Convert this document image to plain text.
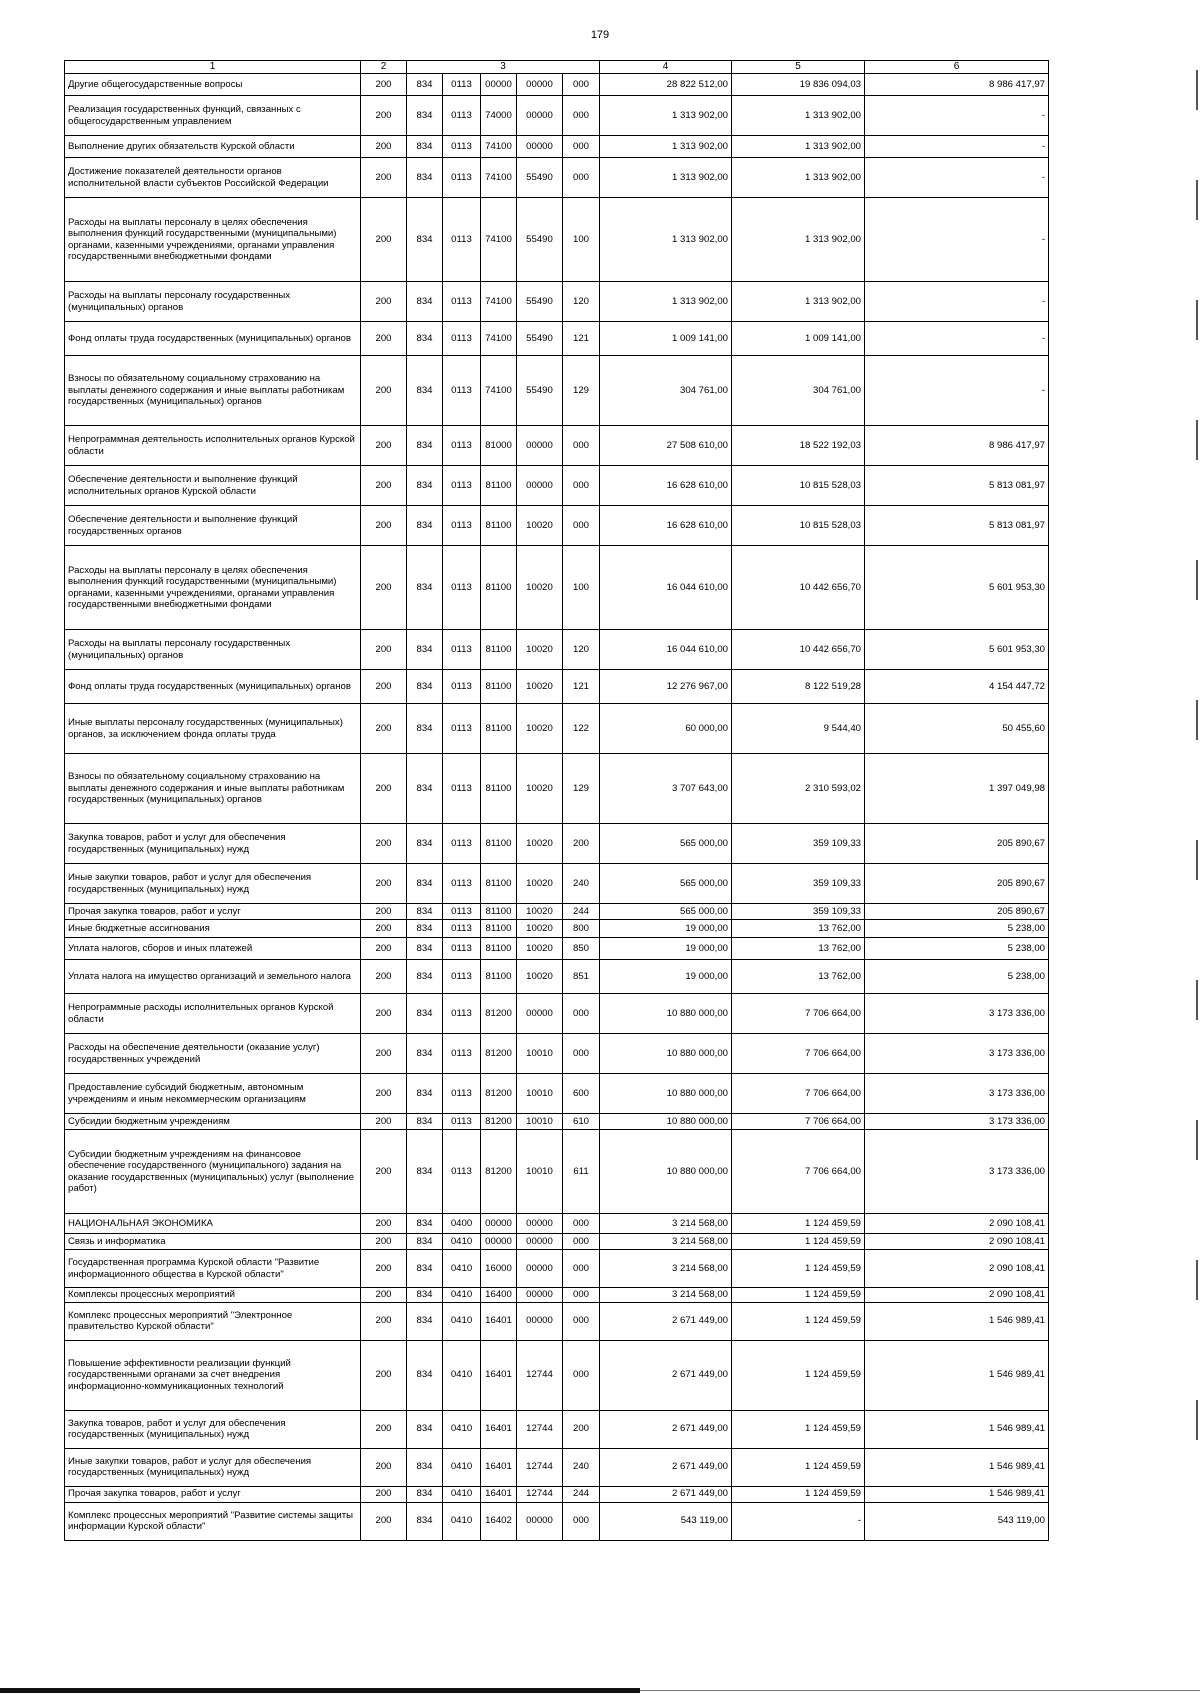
179
1	2	3					4	5	6
Другие общегосударственные вопросы	200	834	0113	00000	00000	000	28 822 512,00	19 836 094,03	8 986 417,97
Реализация государственных функций, связанных с общегосударственным управлением	200	834	0113	74000	00000	000	1 313 902,00	1 313 902,00	-
Выполнение других обязательств Курской области	200	834	0113	74100	00000	000	1 313 902,00	1 313 902,00	-
Достижение показателей деятельности органов исполнительной власти субъектов Российской Федерации	200	834	0113	74100	55490	000	1 313 902,00	1 313 902,00	-
Расходы на выплаты персоналу в целях обеспечения выполнения функций государственными (муниципальными) органами, казенными учреждениями, органами управления государственными внебюджетными фондами	200	834	0113	74100	55490	100	1 313 902,00	1 313 902,00	-
Расходы на выплаты персоналу государственных (муниципальных) органов	200	834	0113	74100	55490	120	1 313 902,00	1 313 902,00	-
Фонд оплаты труда государственных (муниципальных) органов	200	834	0113	74100	55490	121	1 009 141,00	1 009 141,00	-
Взносы по обязательному социальному страхованию на выплаты денежного содержания и иные выплаты работникам государственных (муниципальных) органов	200	834	0113	74100	55490	129	304 761,00	304 761,00	-
Непрограммная деятельность исполнительных органов Курской области	200	834	0113	81000	00000	000	27 508 610,00	18 522 192,03	8 986 417,97
Обеспечение деятельности и выполнение функций исполнительных органов Курской области	200	834	0113	81100	00000	000	16 628 610,00	10 815 528,03	5 813 081,97
Обеспечение деятельности и выполнение функций государственных органов	200	834	0113	81100	10020	000	16 628 610,00	10 815 528,03	5 813 081,97
Расходы на выплаты персоналу в целях обеспечения выполнения функций государственными (муниципальными) органами, казенными учреждениями, органами управления государственными внебюджетными фондами	200	834	0113	81100	10020	100	16 044 610,00	10 442 656,70	5 601 953,30
Расходы на выплаты персоналу государственных (муниципальных) органов	200	834	0113	81100	10020	120	16 044 610,00	10 442 656,70	5 601 953,30
Фонд оплаты труда государственных (муниципальных) органов	200	834	0113	81100	10020	121	12 276 967,00	8 122 519,28	4 154 447,72
Иные выплаты персоналу государственных (муниципальных) органов, за исключением фонда оплаты труда	200	834	0113	81100	10020	122	60 000,00	9 544,40	50 455,60
Взносы по обязательному социальному страхованию на выплаты денежного содержания и иные выплаты работникам государственных (муниципальных) органов	200	834	0113	81100	10020	129	3 707 643,00	2 310 593,02	1 397 049,98
Закупка товаров, работ и услуг для обеспечения государственных (муниципальных) нужд	200	834	0113	81100	10020	200	565 000,00	359 109,33	205 890,67
Иные закупки товаров, работ и услуг для обеспечения государственных (муниципальных) нужд	200	834	0113	81100	10020	240	565 000,00	359 109,33	205 890,67
Прочая закупка товаров, работ и услуг	200	834	0113	81100	10020	244	565 000,00	359 109,33	205 890,67
Иные бюджетные ассигнования	200	834	0113	81100	10020	800	19 000,00	13 762,00	5 238,00
Уплата налогов, сборов и иных платежей	200	834	0113	81100	10020	850	19 000,00	13 762,00	5 238,00
Уплата налога на имущество организаций и земельного налога	200	834	0113	81100	10020	851	19 000,00	13 762,00	5 238,00
Непрограммные расходы исполнительных органов Курской области	200	834	0113	81200	00000	000	10 880 000,00	7 706 664,00	3 173 336,00
Расходы на обеспечение деятельности (оказание услуг) государственных учреждений	200	834	0113	81200	10010	000	10 880 000,00	7 706 664,00	3 173 336,00
Предоставление субсидий бюджетным, автономным учреждениям и иным некоммерческим организациям	200	834	0113	81200	10010	600	10 880 000,00	7 706 664,00	3 173 336,00
Субсидии бюджетным учреждениям	200	834	0113	81200	10010	610	10 880 000,00	7 706 664,00	3 173 336,00
Субсидии бюджетным учреждениям на финансовое обеспечение государственного (муниципального) задания на оказание государственных (муниципальных) услуг (выполнение работ)	200	834	0113	81200	10010	611	10 880 000,00	7 706 664,00	3 173 336,00
НАЦИОНАЛЬНАЯ ЭКОНОМИКА	200	834	0400	00000	00000	000	3 214 568,00	1 124 459,59	2 090 108,41
Связь и информатика	200	834	0410	00000	00000	000	3 214 568,00	1 124 459,59	2 090 108,41
Государственная программа Курской области "Развитие информационного общества в Курской области"	200	834	0410	16000	00000	000	3 214 568,00	1 124 459,59	2 090 108,41
Комплексы процессных мероприятий	200	834	0410	16400	00000	000	3 214 568,00	1 124 459,59	2 090 108,41
Комплекс процессных мероприятий "Электронное правительство Курской области"	200	834	0410	16401	00000	000	2 671 449,00	1 124 459,59	1 546 989,41
Повышение эффективности реализации функций государственными органами за счет внедрения информационно-коммуникационных технологий	200	834	0410	16401	12744	000	2 671 449,00	1 124 459,59	1 546 989,41
Закупка товаров, работ и услуг для обеспечения государственных (муниципальных) нужд	200	834	0410	16401	12744	200	2 671 449,00	1 124 459,59	1 546 989,41
Иные закупки товаров, работ и услуг для обеспечения государственных (муниципальных) нужд	200	834	0410	16401	12744	240	2 671 449,00	1 124 459,59	1 546 989,41
Прочая закупка товаров, работ и услуг	200	834	0410	16401	12744	244	2 671 449,00	1 124 459,59	1 546 989,41
Комплекс процессных мероприятий "Развитие системы защиты информации Курской области"	200	834	0410	16402	00000	000	543 119,00	-	543 119,00
